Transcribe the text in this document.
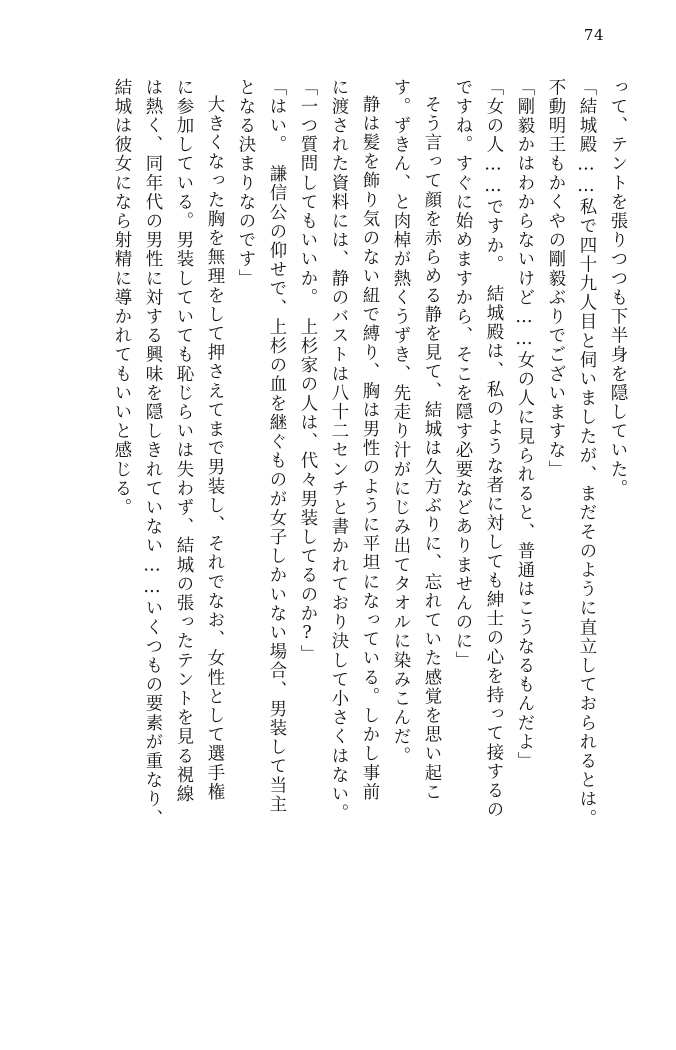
74
って、テントを張りつつも下半身を隠していた。
「結城殿……私で四十九人目と伺いましたが、まだそのように直立しておられるとは。
不動明王もかくやの剛毅ぶりでございますな」
「剛毅かはわからないけど……女の人に見られると、普通はこうなるもんだよ」
「女の人……ですか。　結城殿は、私のような者に対しても紳士の心を持って接するの
ですね。すぐに始めますから、そこを隠す必要などありませんのに」
そう言って顔を赤らめる静を見て、結城は久方ぶりに、忘れていた感覚を思い起こ
す。ずきん、と肉棹が熱くうずき、先走り汁がにじみ出てタオルに染みこんだ。
静は髪を飾り気のない紐で縛り、胸は男性のように平坦になっている。しかし事前
に渡された資料には、静のバストは八十二センチと書かれており決して小さくはない。
「一つ質問してもいいか。　上杉家の人は、代々男装してるのか?」
「はい。　謙信公の仰せで、上杉の血を継ぐものが女子しかいない場合、男装して当主
となる決まりなのです」
大きくなった胸を無理をして押さえてまで男装し、それでなお、女性として選手権
に参加している。男装していても恥じらいは失わず、結城の張ったテントを見る視線
は熱く、同年代の男性に対する興味を隠しきれていない……いくつもの要素が重なり、
結城は彼女になら射精に導かれてもいいと感じる。
